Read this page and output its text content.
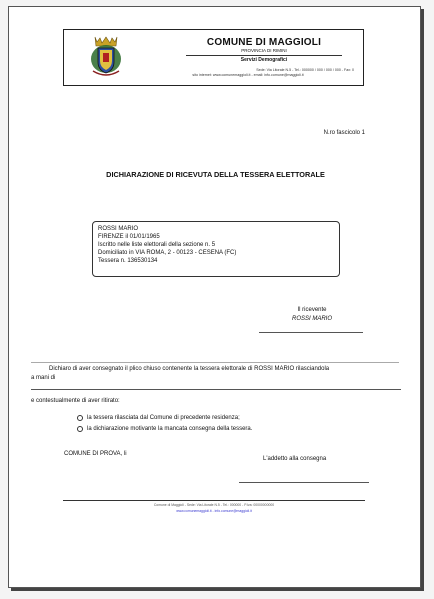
COMUNE DI MAGGIOLI
PROVINCIA DI RIMINI
Servizi Demografici
Sede: Via Litorale N.5 - Tel.: 000000 / 000 / 000 / 000 - Fax: 0
sito internet: www.comunemaggioli.it - email: info.comune@maggioli.it
N.ro fascicolo 1
DICHIARAZIONE DI RICEVUTA DELLA TESSERA ELETTORALE
ROSSI MARIO
FIRENZE il 01/01/1965
Iscritto nelle liste elettorali della sezione n. 5
Domiciliato in VIA ROMA, 2 - 00123 - CESENA (FC)
Tessera n. 136530134
Il ricevente
ROSSI MARIO
Dichiaro di aver consegnato il plico chiuso contenente la tessera elettorale di ROSSI MARIO rilasciandola
a mani di
e contestualmente di aver ritirato:
la tessera rilasciata dal Comune di precedente residenza;
la dichiarazione motivante la mancata consegna della tessera.
COMUNE DI PROVA, li
L'addetto alla consegna
Comune di Maggioli - Sede: Via Litorale N.5 - Tel.: 000000 - P.Iva: 00000000000
www.comunemaggioli.it - info.comune@maggioli.it
